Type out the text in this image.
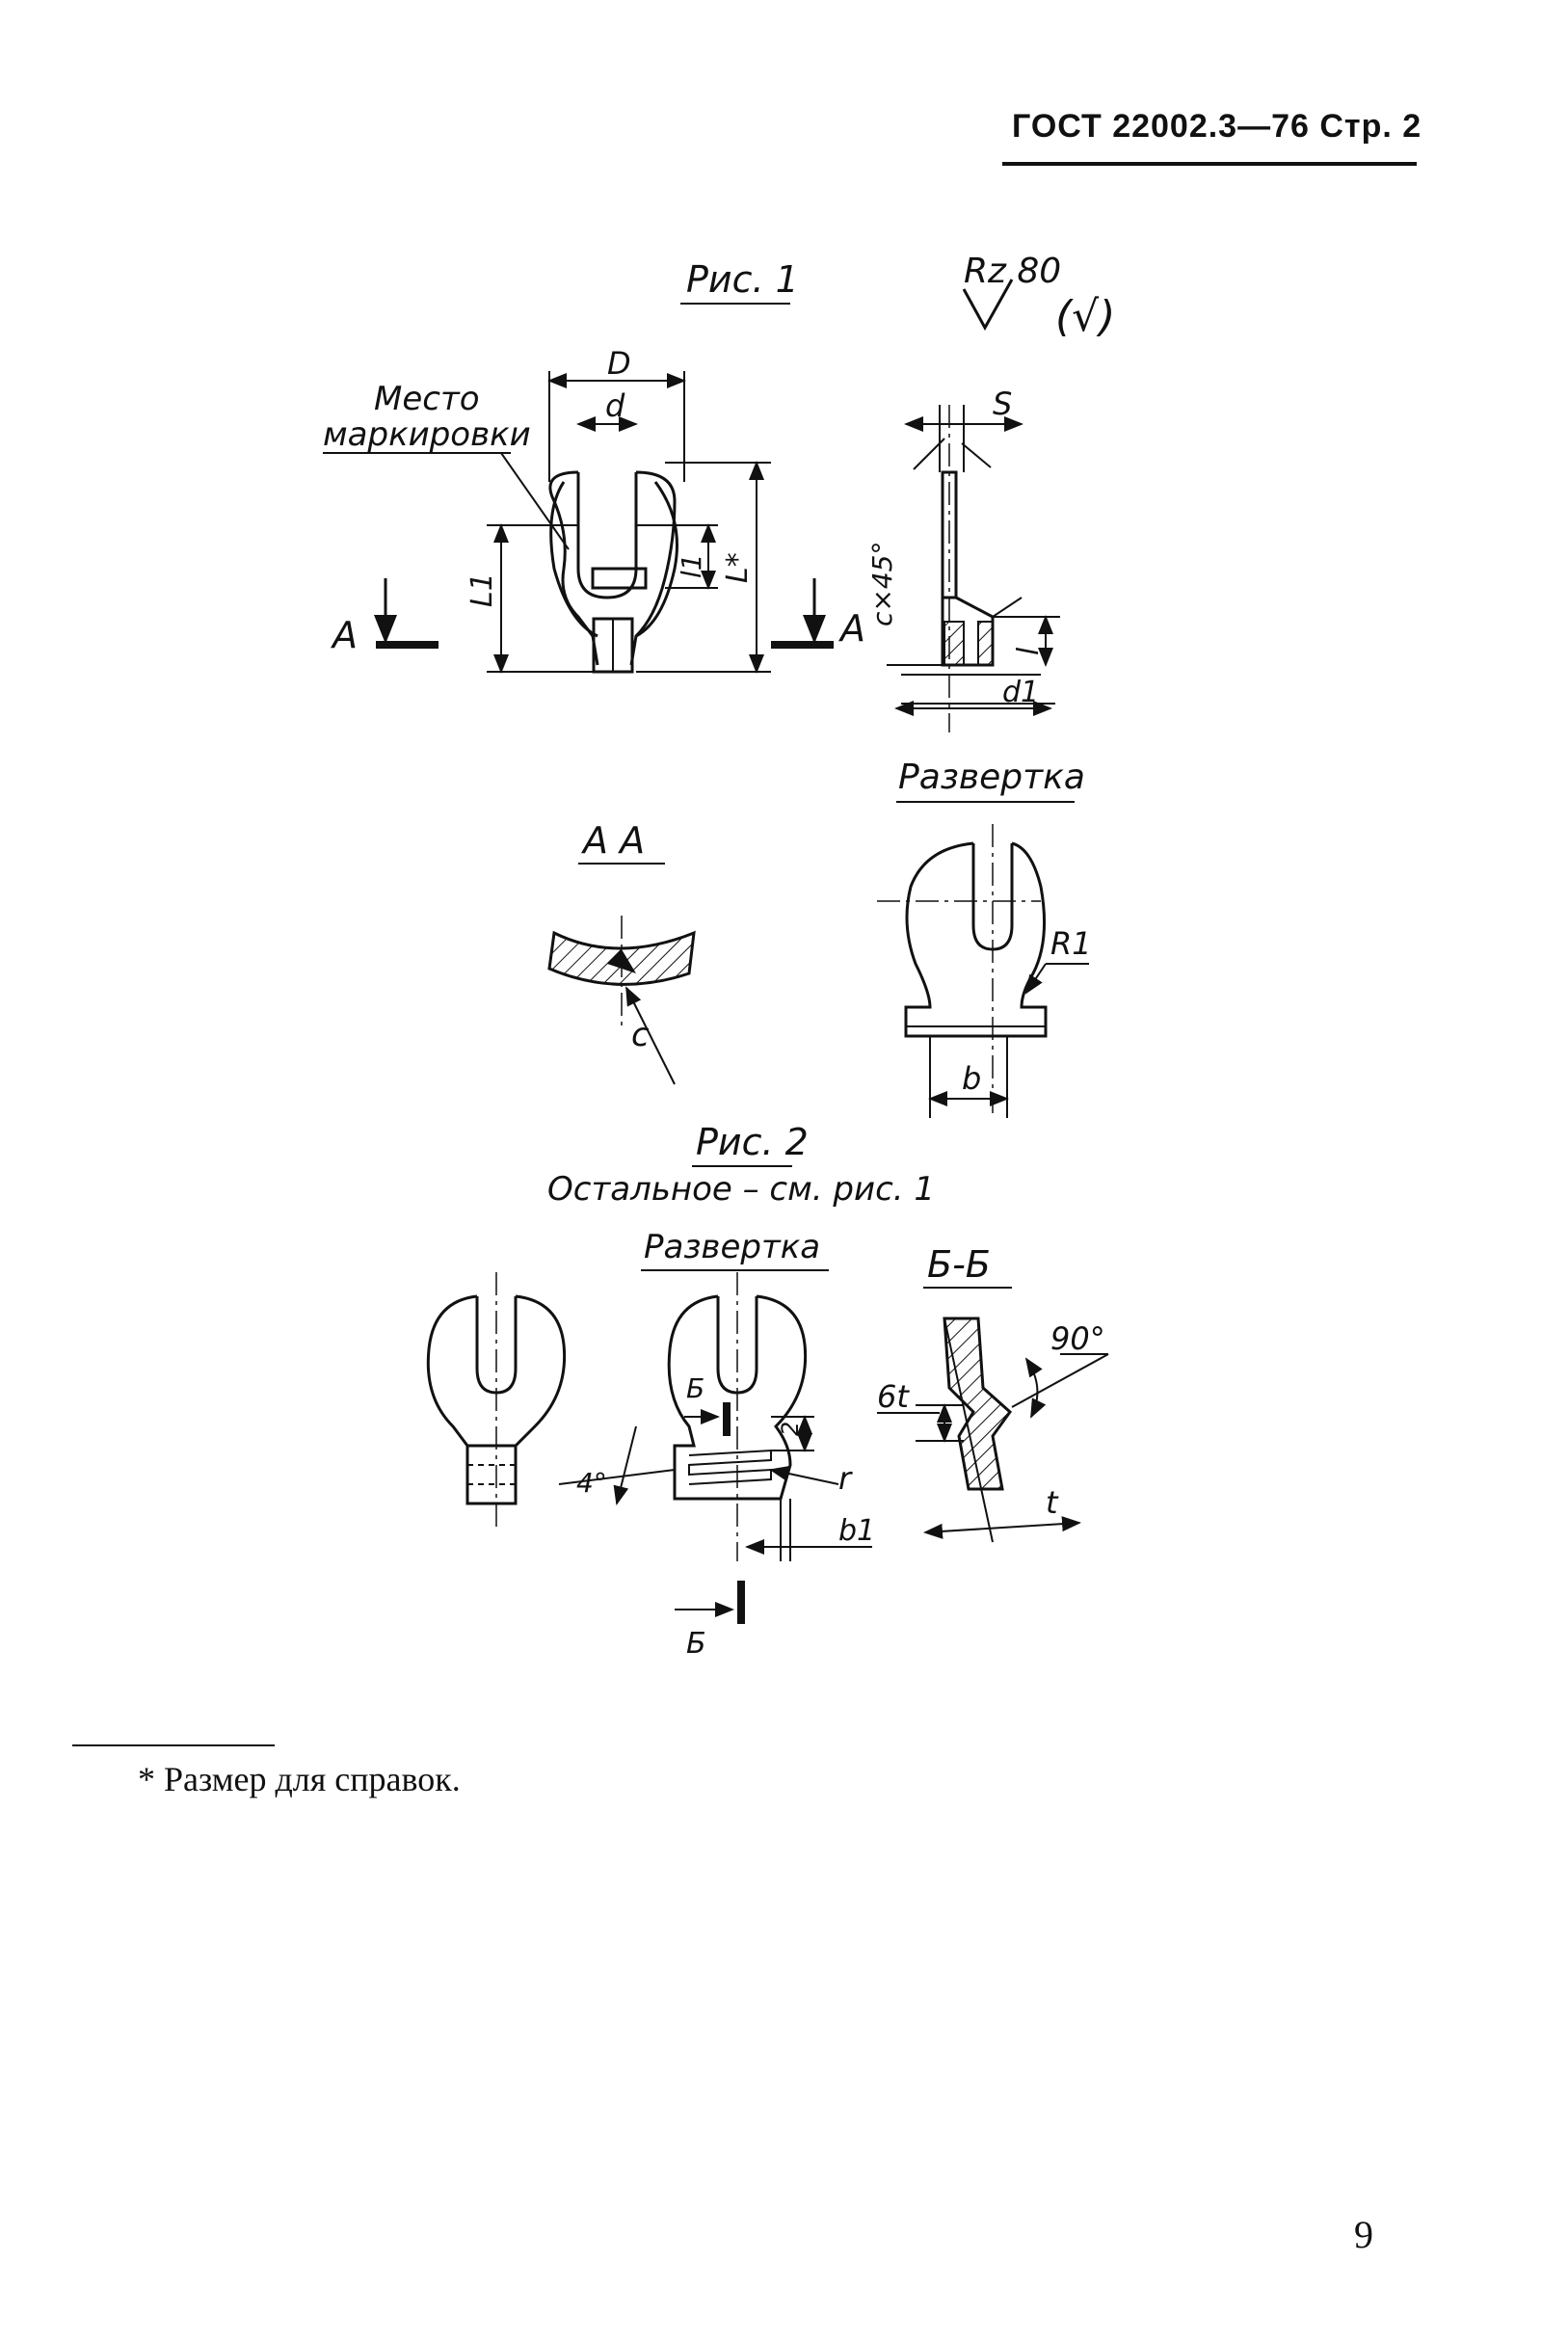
ГОСТ 22002.3—76 Стр. 2
Рис. 1	Rz 80
(√)
D
d
Место
маркировки
L1
l1 L*
A	A
S
c×45°
l
d1
A A
c
Развертка
R1
b
Рис. 2
Остальное – см. рис. 1
Развертка	Б-Б
Б
2
r
4°
b1
Б
90°
6t
t
* Размер для справок.
9
